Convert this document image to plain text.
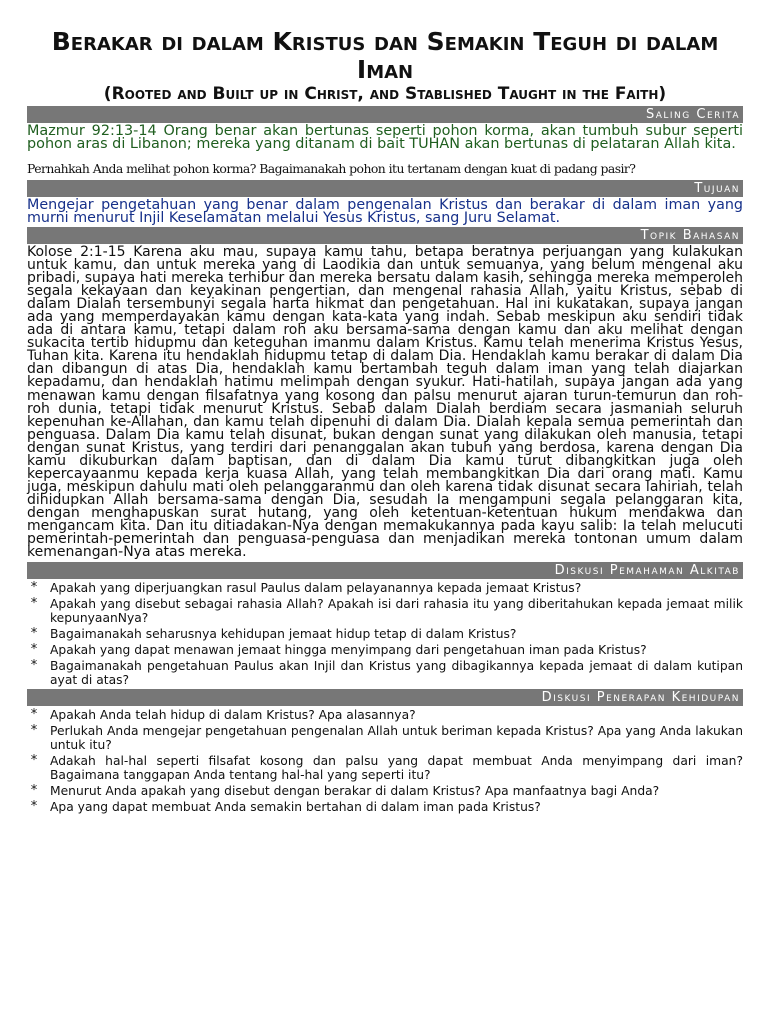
Berakar di dalam Kristus dan Semakin Teguh di dalam Iman
(Rooted and Built up in Christ, and Stablished Taught in the Faith)
Saling Cerita

Mazmur 92:13-14 Orang benar akan bertunas seperti pohon korma, akan tumbuh subur seperti pohon aras di Libanon; mereka yang ditanam di bait TUHAN akan bertunas di pelataran Allah kita.

Pernahkah Anda melihat pohon korma? Bagaimanakah pohon itu tertanam dengan kuat di padang pasir?

Tujuan

Mengejar pengetahuan yang benar dalam pengenalan Kristus dan berakar di dalam iman yang murni menurut Injil Keselamatan melalui Yesus Kristus, sang Juru Selamat.

Topik Bahasan

Kolose 2:1-15 Karena aku mau, supaya kamu tahu, betapa beratnya perjuangan yang kulakukan untuk kamu, dan untuk mereka yang di Laodikia dan untuk semuanya, yang belum mengenal aku pribadi, supaya hati mereka terhibur dan mereka bersatu dalam kasih, sehingga mereka memperoleh segala kekayaan dan keyakinan pengertian, dan mengenal rahasia Allah, yaitu Kristus, sebab di dalam Dialah tersembunyi segala harta hikmat dan pengetahuan. Hal ini kukatakan, supaya jangan ada yang memperdayakan kamu dengan kata-kata yang indah. Sebab meskipun aku sendiri tidak ada di antara kamu, tetapi dalam roh aku bersama-sama dengan kamu dan aku melihat dengan sukacita tertib hidupmu dan keteguhan imanmu dalam Kristus. Kamu telah menerima Kristus Yesus, Tuhan kita. Karena itu hendaklah hidupmu tetap di dalam Dia. Hendaklah kamu berakar di dalam Dia dan dibangun di atas Dia, hendaklah kamu bertambah teguh dalam iman yang telah diajarkan kepadamu, dan hendaklah hatimu melimpah dengan syukur. Hati-hatilah, supaya jangan ada yang menawan kamu dengan filsafatnya yang kosong dan palsu menurut ajaran turun-temurun dan roh-roh dunia, tetapi tidak menurut Kristus. Sebab dalam Dialah berdiam secara jasmaniah seluruh kepenuhan ke-Allahan, dan kamu telah dipenuhi di dalam Dia. Dialah kepala semua pemerintah dan penguasa. Dalam Dia kamu telah disunat, bukan dengan sunat yang dilakukan oleh manusia, tetapi dengan sunat Kristus, yang terdiri dari penanggalan akan tubuh yang berdosa, karena dengan Dia kamu dikuburkan dalam baptisan, dan di dalam Dia kamu turut dibangkitkan juga oleh kepercayaanmu kepada kerja kuasa Allah, yang telah membangkitkan Dia dari orang mati. Kamu juga, meskipun dahulu mati oleh pelanggaranmu dan oleh karena tidak disunat secara lahiriah, telah dihidupkan Allah bersama-sama dengan Dia, sesudah Ia mengampuni segala pelanggaran kita, dengan menghapuskan surat hutang, yang oleh ketentuan-ketentuan hukum mendakwa dan mengancam kita. Dan itu ditiadakan-Nya dengan memakukannya pada kayu salib: Ia telah melucuti pemerintah-pemerintah dan penguasa-penguasa dan menjadikan mereka tontonan umum dalam kemenangan-Nya atas mereka.

Diskusi Pemahaman Alkitab
*	Apakah yang diperjuangkan rasul Paulus dalam pelayanannya kepada jemaat Kristus?
*	Apakah yang disebut sebagai rahasia Allah? Apakah isi dari rahasia itu yang diberitahukan kepada jemaat milik kepunyaanNya?
*	Bagaimanakah seharusnya kehidupan jemaat hidup tetap di dalam Kristus?
*	Apakah yang dapat menawan jemaat hingga menyimpang dari pengetahuan iman pada Kristus?
*	Bagaimanakah pengetahuan Paulus akan Injil dan Kristus yang dibagikannya kepada jemaat di dalam kutipan ayat di atas?
Diskusi Penerapan Kehidupan
*	Apakah Anda telah hidup di dalam Kristus? Apa alasannya?
*	Perlukah Anda mengejar pengetahuan pengenalan Allah untuk beriman kepada Kristus? Apa yang Anda lakukan untuk itu?
*	Adakah hal-hal seperti filsafat kosong dan palsu yang dapat membuat Anda menyimpang dari iman? Bagaimana tanggapan Anda tentang hal-hal yang seperti itu?
*	Menurut Anda apakah yang disebut dengan berakar di dalam Kristus? Apa manfaatnya bagi Anda?
*	Apa yang dapat membuat Anda semakin bertahan di dalam iman pada Kristus?
